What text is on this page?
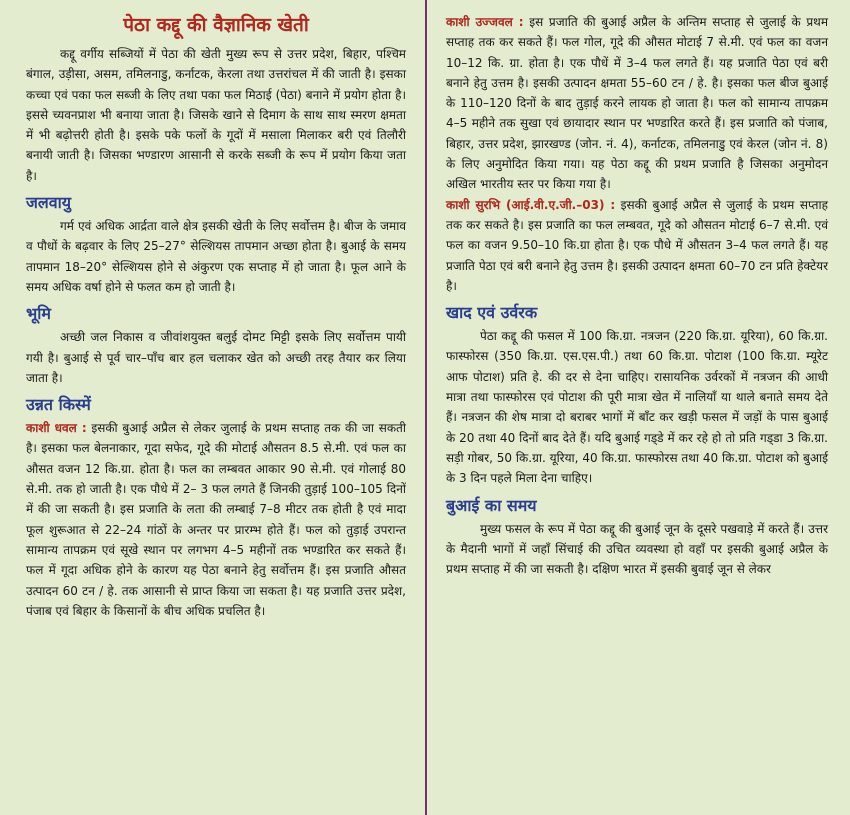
पेठा कद्दू की वैज्ञानिक खेती

कद्दू वर्गीय सब्जियों में पेठा की खेती मुख्य रूप से उत्तर प्रदेश, बिहार, पश्चिम बंगाल, उड़ीसा, असम, तमिलनाडु, कर्नाटक, केरला तथा उत्तरांचल में की जाती है। इसका कच्चा एवं पका फल सब्जी के लिए तथा पका फल मिठाई (पेठा) बनाने में प्रयोग होता है। इससे च्यवनप्राश भी बनाया जाता है। जिसके खाने से दिमाग के साथ साथ स्मरण क्षमता में भी बढ़ोत्तरी होती है। इसके पके फलों के गूदों में मसाला मिलाकर बरी एवं तिलौरी बनायी जाती है। जिसका भण्डारण आसानी से करके सब्जी के रूप में प्रयोग किया जता है।

जलवायु

गर्म एवं अधिक आर्द्रता वाले क्षेत्र इसकी खेती के लिए सर्वोत्तम है। बीज के जमाव व पौधों के बढ़वार के लिए 25–27° सेल्शियस तापमान अच्छा होता है। बुआई के समय तापमान 18–20° सेल्शियस होने से अंकुरण एक सप्ताह में हो जाता है। फूल आने के समय अधिक वर्षा होने से फलत कम हो जाती है।

भूमि

अच्छी जल निकास व जीवांशयुक्त बलुई दोमट मिट्टी इसके लिए सर्वोत्तम पायी गयी है। बुआई से पूर्व चार–पाँच बार हल चलाकर खेत को अच्छी तरह तैयार कर लिया जाता है।

उन्नत किस्में

काशी धवल : इसकी बुआई अप्रैल से लेकर जुलाई के प्रथम सप्ताह तक की जा सकती है। इसका फल बेलनाकार, गूदा सफेद, गूदे की मोटाई औसतन 8.5 से.मी. एवं फल का औसत वजन 12 कि.ग्रा. होता है। फल का लम्बवत आकार 90 से.मी. एवं गोलाई 80 से.मी. तक हो जाती है। एक पौधे में 2– 3 फल लगते हैं जिनकी तुड़ाई 100–105 दिनों में की जा सकती है। इस प्रजाति के लता की लम्बाई 7–8 मीटर तक होती है एवं मादा फूल शुरूआत से 22–24 गांठों के अन्तर पर प्रारम्भ होते हैं। फल को तुड़ाई उपरान्त सामान्य तापक्रम एवं सूखे स्थान पर लगभग 4–5 महीनों तक भण्डारित कर सकते हैं। फल में गूदा अधिक होने के कारण यह पेठा बनाने हेतु सर्वोत्तम हैं। इस प्रजाति औसत उत्पादन 60 टन / हे. तक आसानी से प्राप्त किया जा सकता है। यह प्रजाति उत्तर प्रदेश, पंजाब एवं बिहार के किसानों के बीच अधिक प्रचलित है।

काशी उज्जवल : इस प्रजाति की बुआई अप्रैल के अन्तिम सप्ताह से जुलाई के प्रथम सप्ताह तक कर सकते हैं। फल गोल, गूदे की औसत मोटाई 7 से.मी. एवं फल का वजन 10–12 कि. ग्रा. होता है। एक पौधें में 3–4 फल लगते हैं। यह प्रजाति पेठा एवं बरी बनाने हेतु उत्तम है। इसकी उत्पादन क्षमता 55–60 टन / हे. है। इसका फल बीज बुआई के 110–120 दिनों के बाद तुड़ाई करने लायक हो जाता है। फल को सामान्य तापक्रम 4–5 महीने तक सुखा एवं छायादार स्थान पर भण्डारित करते हैं। इस प्रजाति को पंजाब, बिहार, उत्तर प्रदेश, झारखण्ड (जोन. नं. 4), कर्नाटक, तमिलनाडु एवं केरल (जोन नं. 8) के लिए अनुमोदित किया गया। यह पेठा कद्दू की प्रथम प्रजाति है जिसका अनुमोदन अखिल भारतीय स्तर पर किया गया है।

काशी सुरभि (आई.वी.ए.जी.–03) : इसकी बुआई अप्रैल से जुलाई के प्रथम सप्ताह तक कर सकते है। इस प्रजाति का फल लम्बवत, गूदे को औसतन मोटाई 6–7 से.मी. एवं फल का वजन 9.50–10 कि.ग्रा होता है। एक पौधे में औसतन 3–4 फल लगते हैं। यह प्रजाति पेठा एवं बरी बनाने हेतु उत्तम है। इसकी उत्पादन क्षमता 60–70 टन प्रति हेक्टेयर है।

खाद एवं उर्वरक

पेठा कद्दू की फसल में 100 कि.ग्रा. नत्रजन (220 कि.ग्रा. यूरिया), 60 कि.ग्रा. फास्फोरस (350 कि.ग्रा. एस.एस.पी.) तथा 60 कि.ग्रा. पोटाश (100 कि.ग्रा. म्यूरेट आफ पोटाश) प्रति हे. की दर से देना चाहिए। रासायनिक उर्वरकों में नत्रजन की आधी मात्रा तथा फास्फोरस एवं पोटाश की पूरी मात्रा खेत में नालियाँ या थाले बनाते समय देते हैं। नत्रजन की शेष मात्रा दो बराबर भागों में बाँट कर खड़ी फसल में जड़ों के पास बुआई के 20 तथा 40 दिनों बाद देते हैं। यदि बुआई गड्‌डे में कर रहे हो तो प्रति गड्‌डा 3 कि.ग्रा. सड़ी गोबर, 50 कि.ग्रा. यूरिया, 40 कि.ग्रा. फास्फोरस तथा 40 कि.ग्रा. पोटाश को बुआई के 3 दिन पहले मिला देना चाहिए।

बुआई का समय

मुख्य फसल के रूप में पेठा कद्दू की बुआई जून के दूसरे पखवाड़े में करते हैं। उत्तर के मैदानी भागों में जहाँ सिंचाई की उचित व्यवस्था हो वहाँ पर इसकी बुआई अप्रैल के प्रथम सप्ताह में की जा सकती है। दक्षिण भारत में इसकी बुवाई जून से लेकर
